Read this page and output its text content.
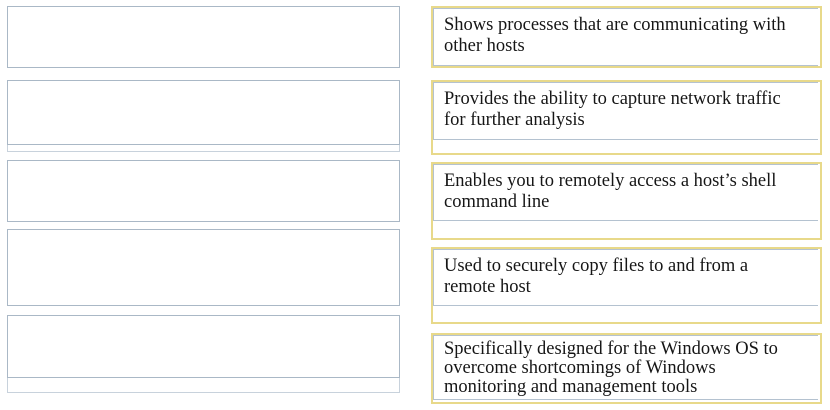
Shows processes that are communicating with
other hosts
Provides the ability to capture network traffic
for further analysis
Enables you to remotely access a host’s shell
command line
Used to securely copy files to and from a
remote host
Specifically designed for the Windows OS to
overcome shortcomings of Windows
monitoring and management tools
